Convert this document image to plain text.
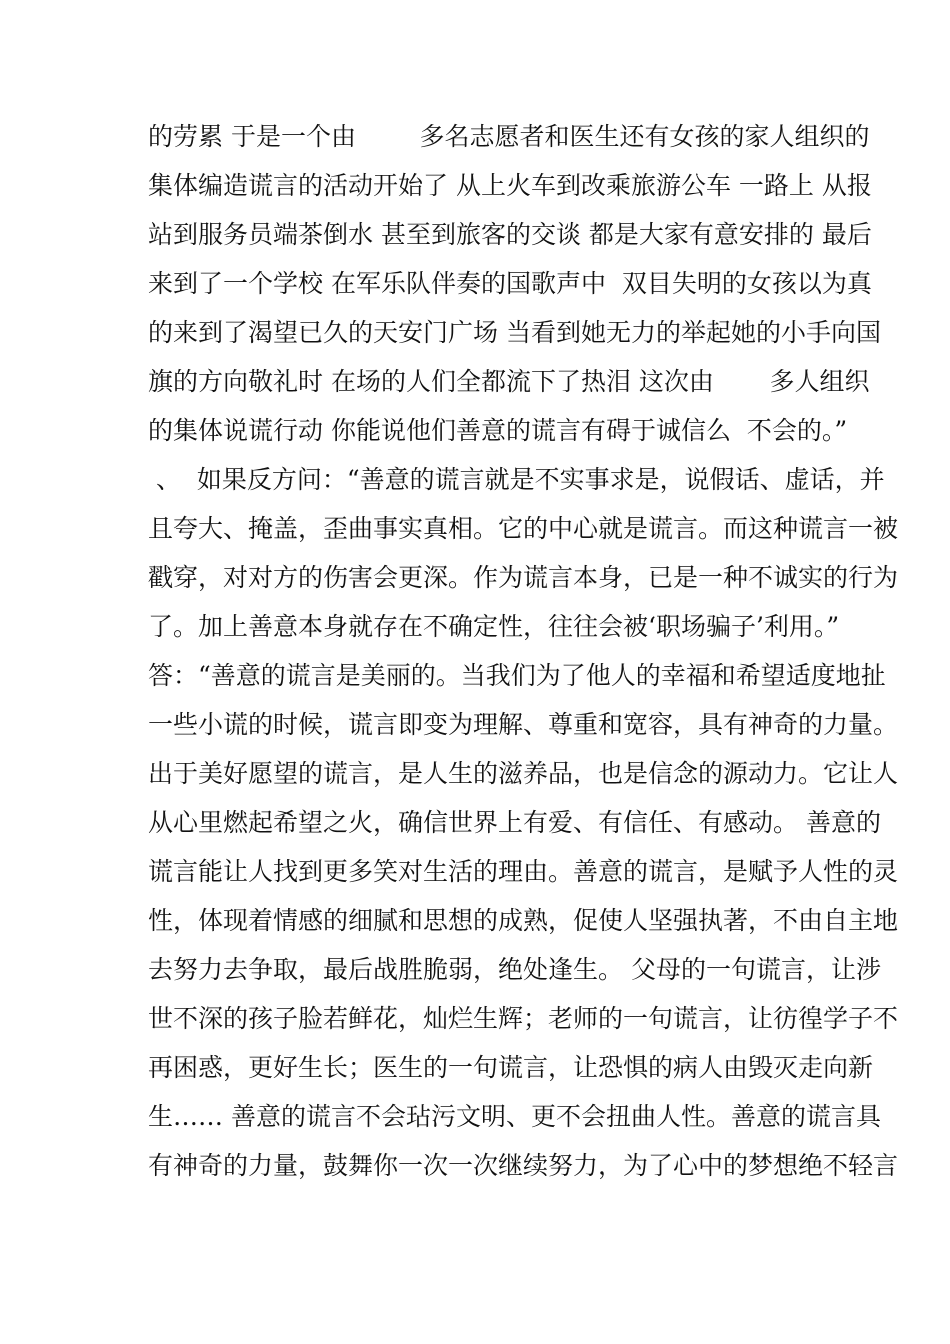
的劳累 于是一个由        多名志愿者和医生还有女孩的家人组织的
集体编造谎言的活动开始了 从上火车到改乘旅游公车 一路上 从报
站到服务员端茶倒水 甚至到旅客的交谈 都是大家有意安排的 最后
来到了一个学校 在军乐队伴奏的国歌声中  双目失明的女孩以为真
的来到了渴望已久的天安门广场 当看到她无力的举起她的小手向国
旗的方向敬礼时 在场的人们全都流下了热泪 这次由       多人组织
的集体说谎行动 你能说他们善意的谎言有碍于诚信么  不会的。”
、  如果反方问：“善意的谎言就是不实事求是，说假话、虚话，并
且夸大、掩盖，歪曲事实真相。它的中心就是谎言。而这种谎言一被
戳穿，对对方的伤害会更深。作为谎言本身，已是一种不诚实的行为
了。加上善意本身就存在不确定性，往往会被‘职场骗子’利用。”
答：“善意的谎言是美丽的。当我们为了他人的幸福和希望适度地扯
一些小谎的时候，谎言即变为理解、尊重和宽容，具有神奇的力量。
出于美好愿望的谎言，是人生的滋养品，也是信念的源动力。它让人
从心里燃起希望之火，确信世界上有爱、有信任、有感动。 善意的
谎言能让人找到更多笑对生活的理由。善意的谎言，是赋予人性的灵
性，体现着情感的细腻和思想的成熟，促使人坚强执著，不由自主地
去努力去争取，最后战胜脆弱，绝处逢生。 父母的一句谎言，让涉
世不深的孩子脸若鲜花，灿烂生辉；老师的一句谎言，让彷徨学子不
再困惑，更好生长；医生的一句谎言，让恐惧的病人由毁灭走向新
生…… 善意的谎言不会玷污文明、更不会扭曲人性。善意的谎言具
有神奇的力量，鼓舞你一次一次继续努力，为了心中的梦想绝不轻言
